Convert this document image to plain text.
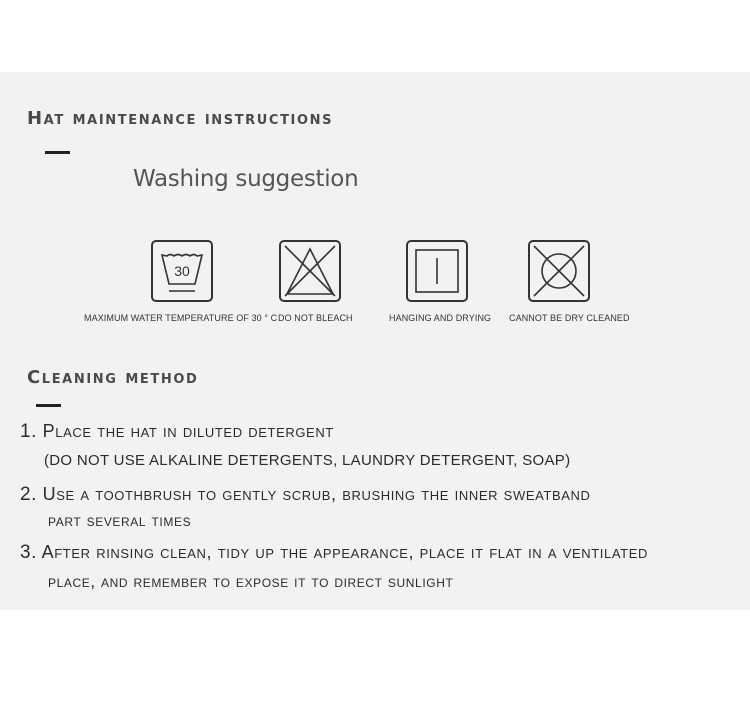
Hat maintenance instructions
Washing suggestion
30
MAXIMUM WATER TEMPERATURE OF 30 ° C DO NOT BLEACH	HANGING AND DRYING CANNOT BE DRY CLEANED
Cleaning method
1. Place the hat in diluted detergent
(DO NOT USE ALKALINE DETERGENTS, LAUNDRY DETERGENT, SOAP)
2. Use a toothbrush to gently scrub, brushing the inner sweatband
part several times
3. After rinsing clean, tidy up the appearance, place it flat in a ventilated
place, and remember to expose it to direct sunlight
